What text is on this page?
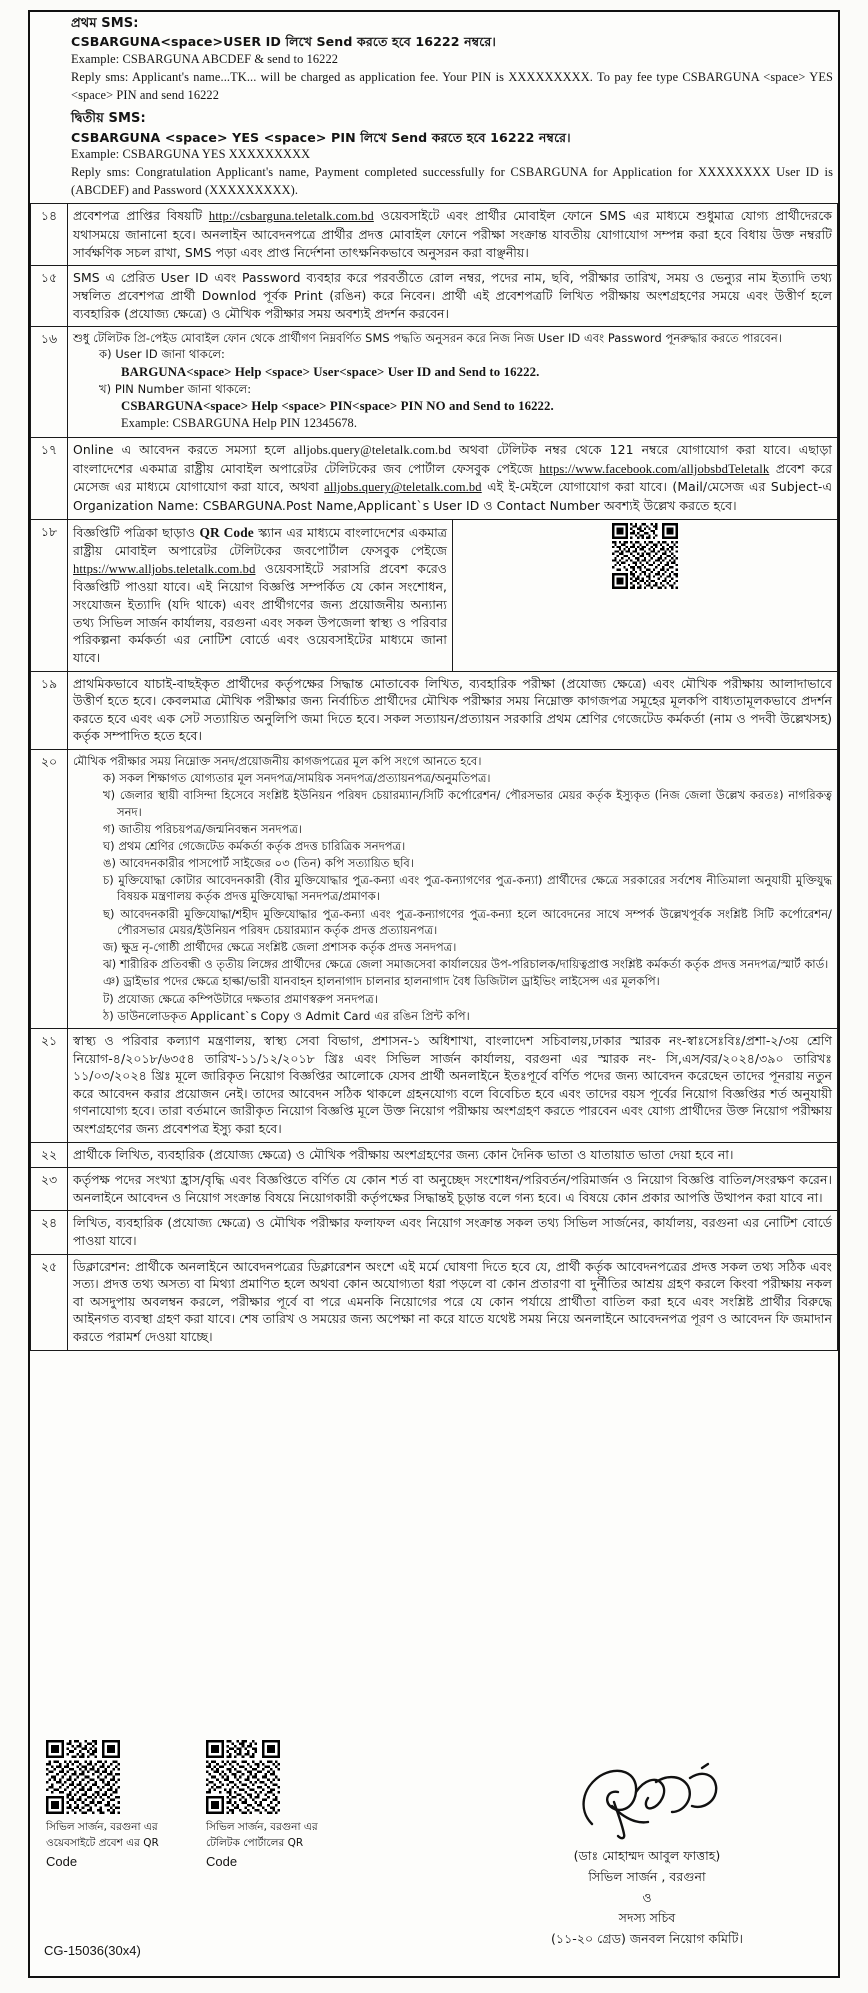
প্রথম SMS:
CSBARGUNA<space>USER ID লিখে Send করতে হবে 16222 নম্বরে।
Example: CSBARGUNA ABCDEF & send to 16222
Reply sms: Applicant's name...TK... will be charged as application fee. Your PIN is XXXXXXXXX. To pay fee type CSBARGUNA <space> YES <space> PIN and send 16222
দ্বিতীয় SMS:
CSBARGUNA <space> YES <space> PIN লিখে Send করতে হবে 16222 নম্বরে।
Example: CSBARGUNA YES XXXXXXXXX
Reply sms: Congratulation Applicant's name, Payment completed successfully for CSBARGUNA for Application for XXXXXXXX User ID is (ABCDEF) and Password (XXXXXXXXX).
১৪	প্রবেশপত্র প্রাপ্তির বিষয়টি http://csbarguna.teletalk.com.bd ওয়েবসাইটে এবং প্রার্থীর মোবাইল ফোনে SMS এর মাধ্যমে শুধুমাত্র যোগ্য প্রার্থীদেরকে যথাসময়ে জানানো হবে। অনলাইন আবেদনপত্রে প্রার্থীর প্রদত্ত মোবাইল ফোনে পরীক্ষা সংক্রান্ত যাবতীয় যোগাযোগ সম্পন্ন করা হবে বিধায় উক্ত নম্বরটি সার্বক্ষণিক সচল রাখা, SMS পড়া এবং প্রাপ্ত নির্দেশনা তাৎক্ষনিকভাবে অনুসরন করা বাঞ্ছনীয়।	
১৫	SMS এ প্রেরিত User ID এবং Password ব্যবহার করে পরবর্তীতে রোল নম্বর, পদের নাম, ছবি, পরীক্ষার তারিখ, সময় ও ভেন্যুর নাম ইত্যাদি তথ্য সম্বলিত প্রবেশপত্র প্রার্থী Downlod পূর্বক Print (রঙিন) করে নিবেন। প্রার্থী এই প্রবেশপত্রটি লিখিত পরীক্ষায় অংশগ্রহণের সময়ে এবং উত্তীর্ণ হলে ব্যবহারিক (প্রযোজ্য ক্ষেত্রে) ও মৌখিক পরীক্ষার সময় অবশ্যই প্রদর্শন করবেন।	
১৬	শুধু টেলিটক প্রি-পেইড মোবাইল ফোন থেকে প্রার্থীগণ নিম্নবর্ণিত SMS পদ্ধতি অনুসরন করে নিজ নিজ User ID এবং Password পূনরুদ্ধার করতে পারবেন।
ক) User ID জানা থাকলে:
BARGUNA<space> Help <space> User<space> User ID and Send to 16222.
খ) PIN Number জানা থাকলে:
CSBARGUNA<space> Help <space> PIN<space> PIN NO and Send to 16222.
Example: CSBARGUNA Help PIN 12345678.

১৭	Online এ আবেদন করতে সমস্যা হলে alljobs.query@teletalk.com.bd অথবা টেলিটক নম্বর থেকে 121 নম্বরে যোগাযোগ করা যাবে। এছাড়া বাংলাদেশের একমাত্র রাষ্ট্রীয় মোবাইল অপারেটর টেলিটকের জব পোর্টাল ফেসবুক পেইজে https://www.facebook.com/alljobsbdTeletalk প্রবেশ করে মেসেজ এর মাধ্যমে যোগাযোগ করা যাবে, অথবা alljobs.query@teletalk.com.bd এই ই-মেইলে যোগাযোগ করা যাবে। (Mail/মেসেজ এর Subject-এ Organization Name: CSBARGUNA.Post Name,Applicant`s User ID ও Contact Number অবশ্যই উল্লেখ করতে হবে।	
১৮	বিজ্ঞপ্তিটি পত্রিকা ছাড়াও QR Code স্ক্যান এর মাধ্যমে বাংলাদেশের একমাত্র রাষ্ট্রীয় মোবাইল অপারেটর টেলিটকের জবপোর্টাল ফেসবুক পেইজে https://www.alljobs.teletalk.com.bd ওয়েবসাইটে সরাসরি প্রবেশ করেও বিজ্ঞপ্তিটি পাওয়া যাবে। এই নিয়োগ বিজ্ঞপ্তি সম্পর্কিত যে কোন সংশোধন, সংযোজন ইত্যাদি (যদি থাকে) এবং প্রার্থীগণের জন্য প্রয়োজনীয় অন্যান্য তথ্য সিভিল সার্জন কার্যালয়, বরগুনা এবং সকল উপজেলা স্বাস্থ্য ও পরিবার পরিকল্পনা কর্মকর্তা এর নোটিশ বোর্ডে এবং ওয়েবসাইটের মাধ্যমে জানা যাবে।	
১৯	প্রাথমিকভাবে যাচাই-বাছইকৃত প্রার্থীদের কর্তৃপক্ষের সিদ্ধান্ত মোতাবেক লিখিত, ব্যবহারিক পরীক্ষা (প্রযোজ্য ক্ষেত্রে) এবং মৌখিক পরীক্ষায় আলাদাভাবে উত্তীর্ণ হতে হবে। কেবলমাত্র মৌখিক পরীক্ষার জন্য নির্বাচিত প্রার্থীদের মৌখিক পরীক্ষার সময় নিম্নোক্ত কাগজপত্র সমূহের মূলকপি বাধ্যতামূলকভাবে প্রদর্শন করতে হবে এবং এক সেট সত্যায়িত অনুলিপি জমা দিতে হবে। সকল সত্যায়ন/প্রত্যায়ন সরকারি প্রথম শ্রেণির গেজেটেড কর্মকর্তা (নাম ও পদবী উল্লেখসহ) কর্তৃক সম্পাদিত হতে হবে।	
২০	মৌখিক পরীক্ষার সময় নিম্নোক্ত সনদ/প্রয়োজনীয় কাগজপত্রের মূল কপি সংগে আনতে হবে।
ক) সকল শিক্ষাগত যোগ্যতার মূল সনদপত্র/সাময়িক সনদপত্র/প্রত্যায়নপত্র/অনুমতিপত্র।
খ) জেলার স্থায়ী বাসিন্দা হিসেবে সংশ্লিষ্ট ইউনিয়ন পরিষদ চেয়ারম্যান/সিটি কর্পোরেশন/ পৌরসভার মেয়র কর্তৃক ইস্যুকৃত (নিজ জেলা উল্লেখ করতঃ) নাগরিকত্ব সনদ।
গ) জাতীয় পরিচয়পত্র/জন্মনিবন্ধন সনদপত্র।
ঘ) প্রথম শ্রেণির গেজেটেড কর্মকর্তা কর্তৃক প্রদত্ত চারিত্রিক সনদপত্র।
ঙ) আবেদনকারীর পাসপোর্ট সাইজের ০৩ (তিন) কপি সত্যায়িত ছবি।
চ) মুক্তিযোদ্ধা কোটার আবেদনকারী (বীর মুক্তিযোদ্ধার পুত্র-কন্যা এবং পুত্র-কন্যাগণের পুত্র-কন্যা) প্রার্থীদের ক্ষেত্রে সরকারের সর্বশেষ নীতিমালা অনুযায়ী মুক্তিযুদ্ধ বিষয়ক মন্ত্রণালয় কর্তৃক প্রদত্ত মুক্তিযোদ্ধা সনদপত্র/প্রমাণক।
ছ) আবেদনকারী মুক্তিযোদ্ধা/শহীদ মুক্তিযোদ্ধার পুত্র-কন্যা এবং পুত্র-কন্যাগণের পুত্র-কন্যা হলে আবেদনের সাথে সম্পর্ক উল্লেখপূর্বক সংশ্লিষ্ট সিটি কর্পোরেশন/পৌরসভার মেয়র/ইউনিয়ন পরিষদ চেয়ারম্যান কর্তৃক প্রদত্ত প্রত্যায়নপত্র।
জ) ক্ষুদ্র নৃ-গোষ্ঠী প্রার্থীদের ক্ষেত্রে সংশ্লিষ্ট জেলা প্রশাসক কর্তৃক প্রদত্ত সনদপত্র।
ঝ) শারীরিক প্রতিবন্ধী ও তৃতীয় লিঙ্গের প্রার্থীদের ক্ষেত্রে জেলা সমাজসেবা কার্যালয়ের উপ-পরিচালক/দায়িত্বপ্রাপ্ত সংশ্লিষ্ট কর্মকর্তা কর্তৃক প্রদত্ত সনদপত্র/স্মার্ট কার্ড।
ঞ) ড্রাইভার পদের ক্ষেত্রে হাল্কা/ভারী যানবাহন হালনাগাদ চালনার হালনাগাদ বৈধ ডিজিটাল ড্রাইভিং লাইসেন্স এর মূলকপি।
ট) প্রযোজ্য ক্ষেত্রে কম্পিউটারে দক্ষতার প্রমাণস্বরুপ সনদপত্র।
ঠ) ডাউনলোডকৃত Applicant`s Copy ও Admit Card এর রঙিন প্রিন্ট কপি।

২১	স্বাস্থ্য ও পরিবার কল্যাণ মন্ত্রণালয়, স্বাস্থ্য সেবা বিভাগ, প্রশাসন-১ অধিশাখা, বাংলাদেশ সচিবালয়,ঢাকার স্মারক নং-স্বাঃসেঃবিঃ/প্রশা-২/৩য় শ্রেণি নিয়োগ-৪/২০১৮/৬৩৫৪ তারিখ-১১/১২/২০১৮ খ্রিঃ এবং সিভিল সার্জন কার্যালয়, বরগুনা এর স্মারক নং- সি,এস/বর/২০২৪/৩৯০ তারিখঃ ১১/০৩/২০২৪ খ্রিঃ মূলে জারিকৃত নিয়োগ বিজ্ঞপ্তির আলোকে যেসব প্রার্থী অনলাইনে ইতঃপূর্বে বর্ণিত পদের জন্য আবেদন করেছেন তাদের পূনরায় নতুন করে আবেদন করার প্রয়োজন নেই। তাদের আবেদন সঠিক থাকলে গ্রহনযোগ্য বলে বিবেচিত হবে এবং তাদের বয়স পূর্বের নিয়োগ বিজ্ঞপ্তির শর্ত অনুযায়ী গণনাযোগ্য হবে। তারা বর্তমানে জারীকৃত নিয়োগ বিজ্ঞপ্তি মূলে উক্ত নিয়োগ পরীক্ষায় অংশগ্রহণ করতে পারবেন এবং যোগ্য প্রার্থীদের উক্ত নিয়োগ পরীক্ষায় অংশগ্রহণের জন্য প্রবেশপত্র ইস্যু করা হবে।	
২২	প্রার্থীকে লিখিত, ব্যবহারিক (প্রযোজ্য ক্ষেত্রে) ও মৌখিক পরীক্ষায় অংশগ্রহণের জন্য কোন দৈনিক ভাতা ও যাতায়াত ভাতা দেয়া হবে না।	
২৩	কর্তৃপক্ষ পদের সংখ্যা হ্রাস/বৃদ্ধি এবং বিজ্ঞপ্তিতে বর্ণিত যে কোন শর্ত বা অনুচ্ছেদ সংশোধন/পরিবর্তন/পরিমার্জন ও নিয়োগ বিজ্ঞপ্তি বাতিল/সংরক্ষণ করেন। অনলাইনে আবেদন ও নিয়োগ সংক্রান্ত বিষয়ে নিয়োগকারী কর্তৃপক্ষের সিদ্ধান্তই চূড়ান্ত বলে গন্য হবে। এ বিষয়ে কোন প্রকার আপত্তি উত্থাপন করা যাবে না।	
২৪	লিখিত, ব্যবহারিক (প্রযোজ্য ক্ষেত্রে) ও মৌখিক পরীক্ষার ফলাফল এবং নিয়োগ সংক্রান্ত সকল তথ্য সিভিল সার্জনের, কার্যালয়, বরগুনা এর নোটিশ বোর্ডে পাওয়া যাবে।	
২৫	ডিক্লারেশন: প্রার্থীকে অনলাইনে আবেদনপত্রের ডিক্লারেশন অংশে এই মর্মে ঘোষণা দিতে হবে যে, প্রার্থী কর্তৃক আবেদনপত্রের প্রদত্ত সকল তথ্য সঠিক এবং সত্য। প্রদত্ত তথ্য অসত্য বা মিথ্যা প্রমাণিত হলে অথবা কোন অযোগ্যতা ধরা পড়লে বা কোন প্রতারণা বা দুর্নীতির আশ্রয় গ্রহণ করলে কিংবা পরীক্ষায় নকল বা অসদুপায় অবলম্বন করলে, পরীক্ষার পূর্বে বা পরে এমনকি নিয়োগের পরে যে কোন পর্যায়ে প্রার্থীতা বাতিল করা হবে এবং সংশ্লিষ্ট প্রার্থীর বিরুদ্ধে আইনগত ব্যবস্থা গ্রহণ করা যাবে। শেষ তারিখ ও সময়ের জন্য অপেক্ষা না করে যাতে যথেষ্ট সময় নিয়ে অনলাইনে আবেদনপত্র পূরণ ও আবেদন ফি জমাদান করতে পরামর্শ দেওয়া যাচ্ছে।	
সিভিল সার্জন, বরগুনা এর ওয়েবসাইটে প্রবেশ এর QR Code
সিভিল সার্জন, বরগুনা এর টেলিটক পোর্টালের QR Code	(ডাঃ মোহাম্মদ আবুল ফাত্তাহ)
সিভিল সার্জন , বরগুনা
ও
সদস্য সচিব
(১১-২০ গ্রেড) জনবল নিয়োগ কমিটি।
CG-15036(30x4)
